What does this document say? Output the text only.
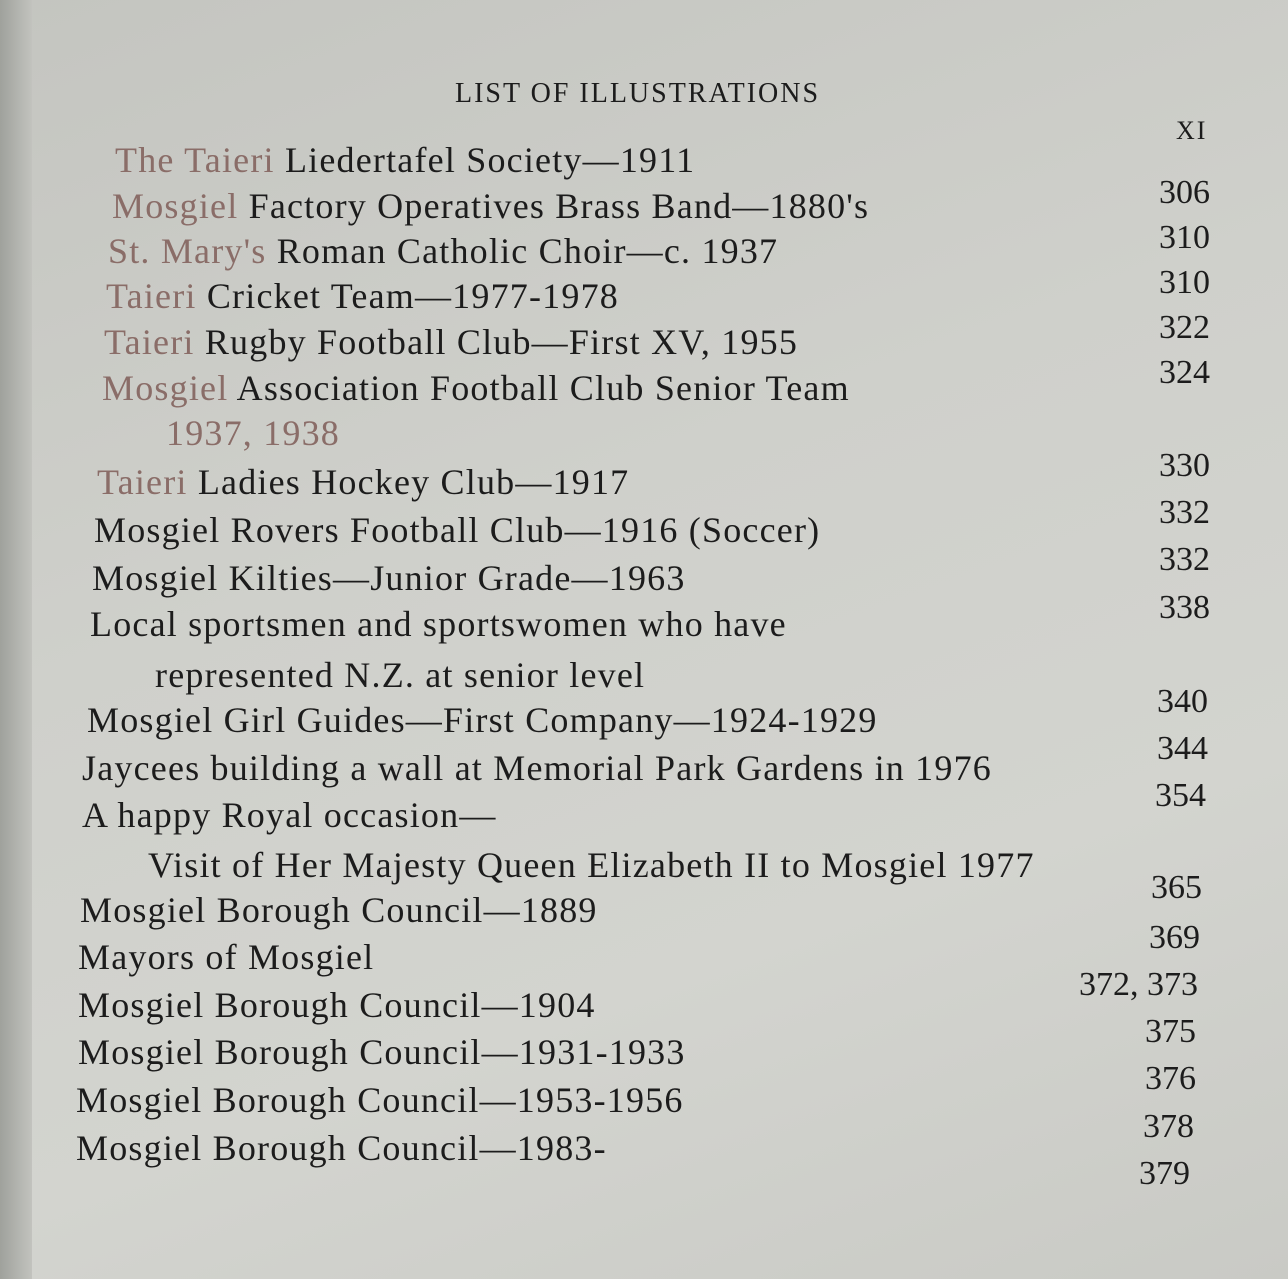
LIST OF ILLUSTRATIONS
XI
The Taieri Liedertafel Society—1911
Mosgiel Factory Operatives Brass Band—1880's
St. Mary's Roman Catholic Choir—c. 1937
Taieri Cricket Team—1977-1978
Taieri Rugby Football Club—First XV, 1955
Mosgiel Association Football Club Senior Team
1937, 1938
Taieri Ladies Hockey Club—1917
Mosgiel Rovers Football Club—1916 (Soccer)
Mosgiel Kilties—Junior Grade—1963
Local sportsmen and sportswomen who have
represented N.Z. at senior level
Mosgiel Girl Guides—First Company—1924-1929
Jaycees building a wall at Memorial Park Gardens in 1976
A happy Royal occasion—
Visit of Her Majesty Queen Elizabeth II to Mosgiel 1977
Mosgiel Borough Council—1889
Mayors of Mosgiel
Mosgiel Borough Council—1904
Mosgiel Borough Council—1931-1933
Mosgiel Borough Council—1953-1956
Mosgiel Borough Council—1983-
306
310
310
322
324
330
332
332
338
340
344
354
365
369
372, 373
375
376
378
379
